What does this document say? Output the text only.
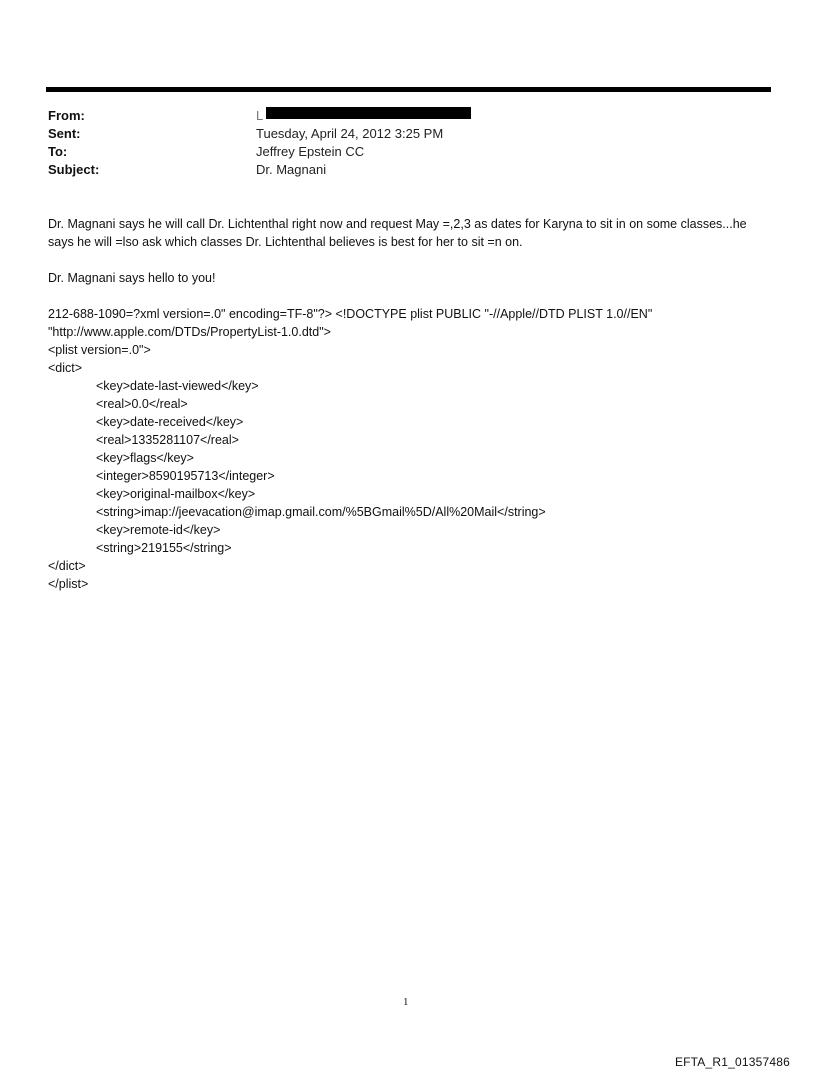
From:	L
Sent:	Tuesday, April 24, 2012 3:25 PM
To:	Jeffrey Epstein CC
Subject:	Dr. Magnani

Dr. Magnani says he will call Dr. Lichtenthal right now and request May =,2,3 as dates for Karyna to sit in on some classes...he says he will =lso ask which classes Dr. Lichtenthal believes is best for her to sit =n on.

Dr. Magnani says hello to you!

212-688-1090=?xml version=.0" encoding=TF-8"?> <!DOCTYPE plist PUBLIC "-//Apple//DTD PLIST 1.0//EN"
"http://www.apple.com/DTDs/PropertyList-1.0.dtd">
<plist version=.0">
<dict>
<key>date-last-viewed</key>
<real>0.0</real>
<key>date-received</key>
<real>1335281107</real>
<key>flags</key>
<integer>8590195713</integer>
<key>original-mailbox</key>
<string>imap://jeevacation@imap.gmail.com/%5BGmail%5D/All%20Mail</string>
<key>remote-id</key>
<string>219155</string>
</dict>
</plist>
1
EFTA_R1_01357486
